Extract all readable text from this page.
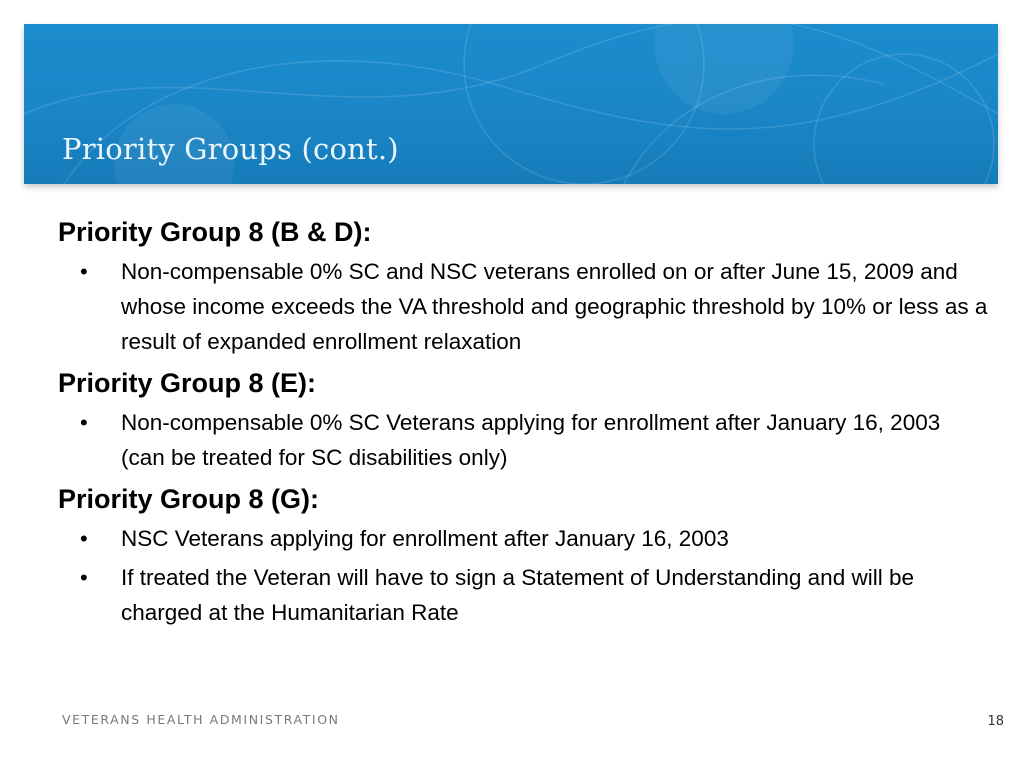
Priority Groups (cont.)
Priority Group 8 (B & D):
• Non-compensable 0% SC and NSC veterans enrolled on or after June 15, 2009 and whose income exceeds the VA threshold and geographic threshold by 10% or less as a result of expanded enrollment relaxation
Priority Group 8 (E):
• Non-compensable 0% SC Veterans applying for enrollment after January 16, 2003 (can be treated for SC disabilities only)
Priority Group 8 (G):
• NSC Veterans applying for enrollment after January 16, 2003
• If treated the Veteran will have to sign a Statement of Understanding and will be charged at the Humanitarian Rate
VETERANS HEALTH ADMINISTRATION	18
